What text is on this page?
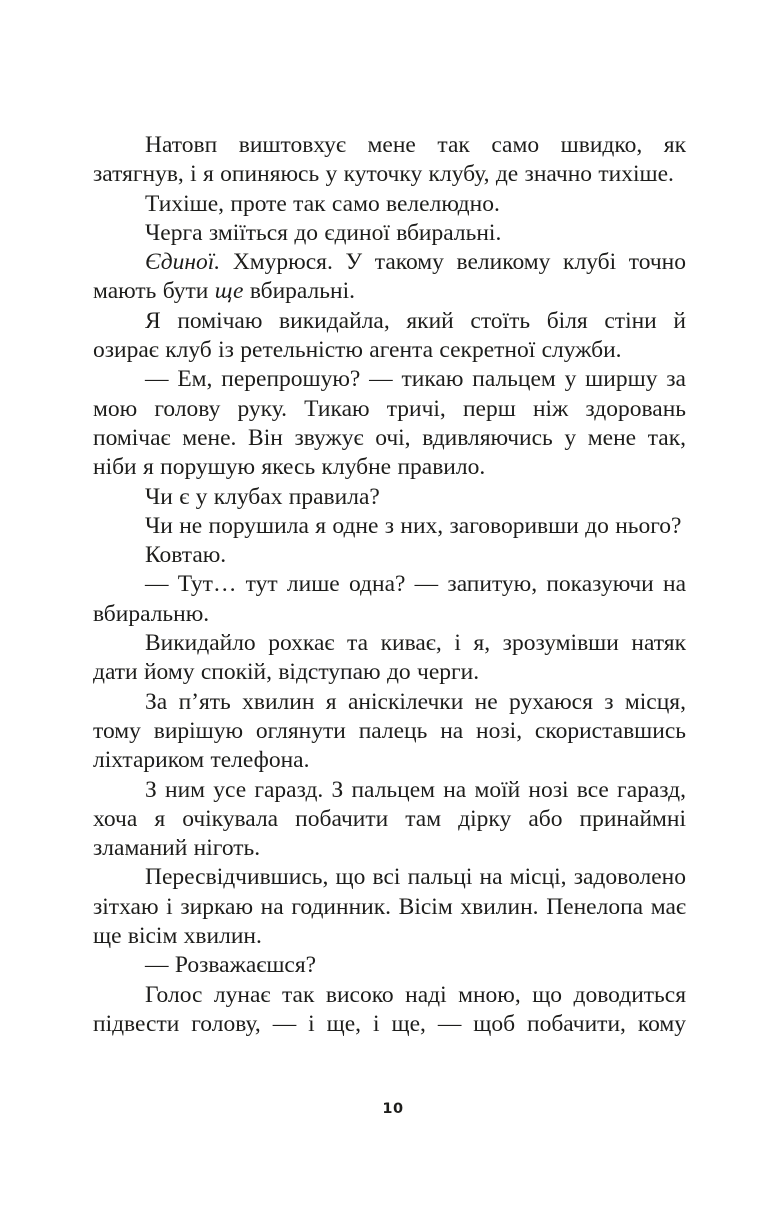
Натовп виштовхує мене так само швидко, як затягнув, і я опиняюсь у куточку клубу, де значно тихіше.

Тихіше, проте так само велелюдно.

Черга зміїться до єдиної вбиральні.

Єдиної. Хмурюся. У такому великому клубі точно мають бути ще вбиральні.

Я помічаю викидайла, який стоїть біля стіни й озирає клуб із ретельністю агента секретної служби.

— Ем, перепрошую? — тикаю пальцем у ширшу за мою голову руку. Тикаю тричі, перш ніж здоровань помічає мене. Він звужує очі, вдивляючись у мене так, ніби я порушую якесь клубне правило.

Чи є у клубах правила?

Чи не порушила я одне з них, заговоривши до нього?

Ковтаю.

— Тут… тут лише одна? — запитую, показуючи на вбиральню.

Викидайло рохкає та киває, і я, зрозумівши натяк дати йому спокій, відступаю до черги.

За п’ять хвилин я аніскілечки не рухаюся з місця, тому вирішую оглянути палець на нозі, скориставшись ліхтариком телефона.

З ним усе гаразд. З пальцем на моїй нозі все гаразд, хоча я очікувала побачити там дірку або принаймні зламаний ніготь.

Пересвідчившись, що всі пальці на місці, задоволено зітхаю і зиркаю на годинник. Вісім хвилин. Пенелопа має ще вісім хвилин.

— Розважаєшся?

Голос лунає так високо наді мною, що доводиться підвести голову, — і ще, і ще, — щоб побачити, кому

10
